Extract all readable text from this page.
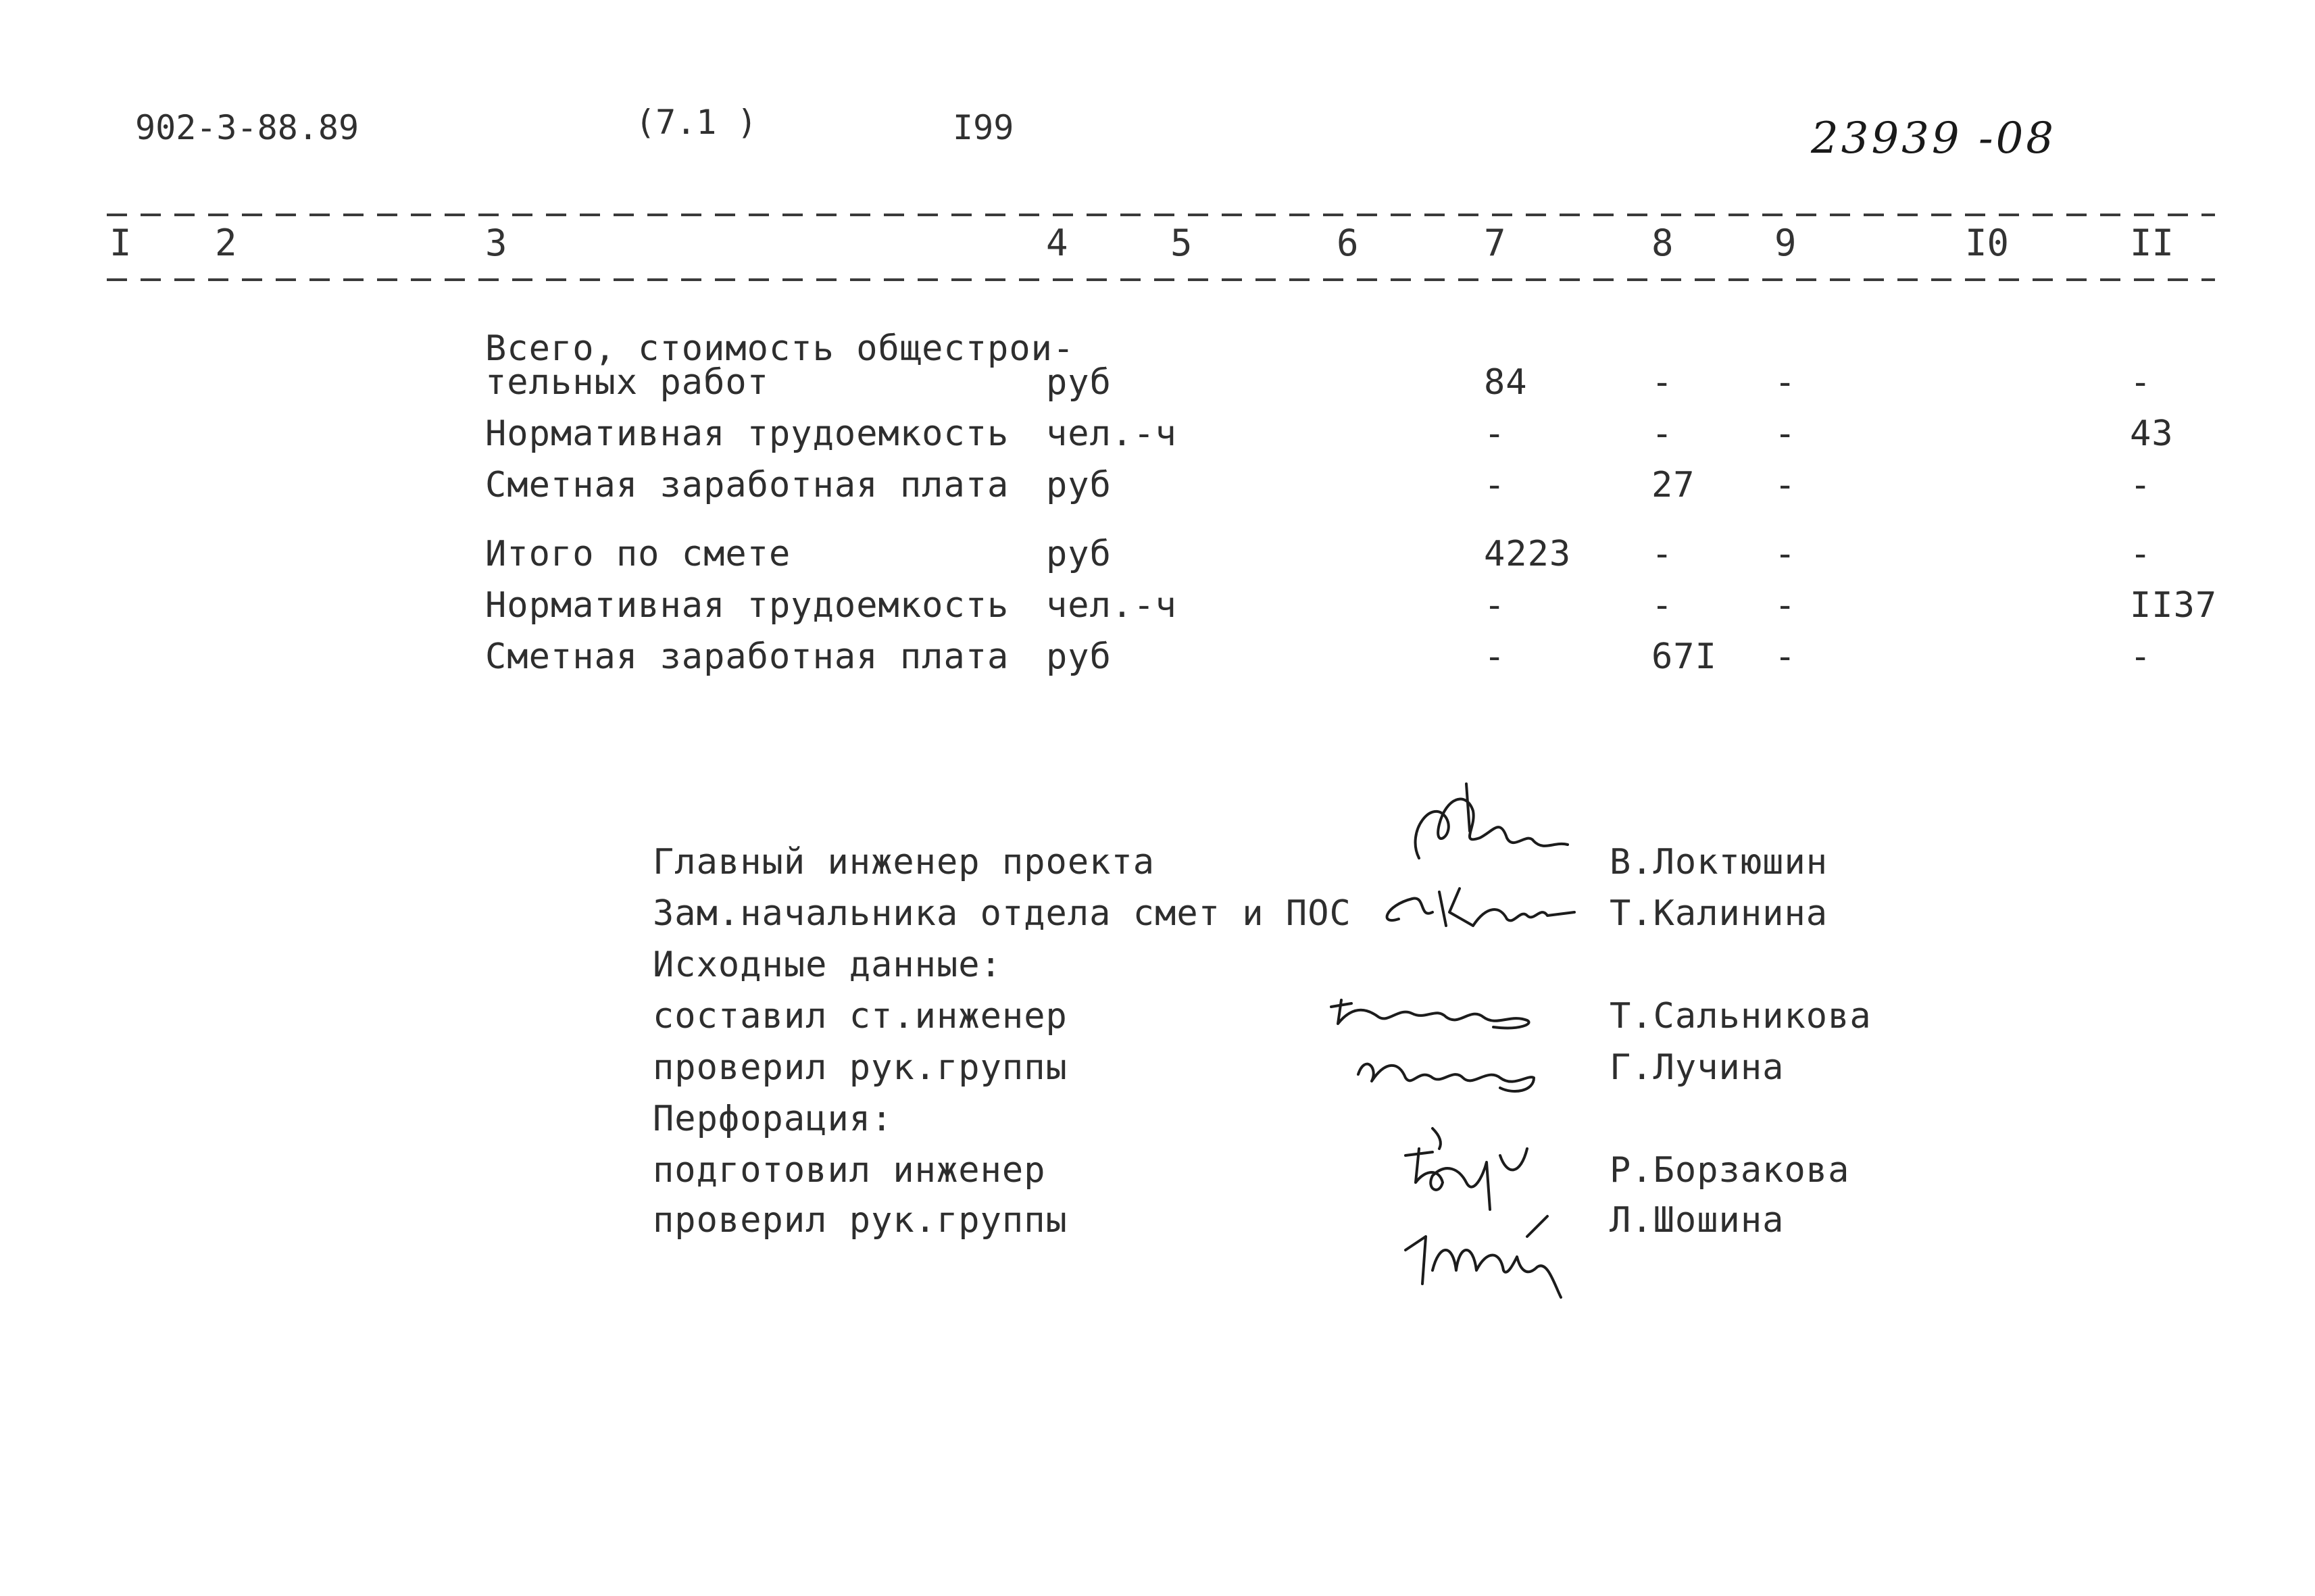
902-3-88.89	(7.1 )	I99	23939 -08
I 2	3	4	5	6	7	8	9	I0	II
Всего, стоимость общестрои-
тельных работ	руб	84	-	-	-
Нормативная трудоемкость чел.-ч	-	-	-	43
Сметная заработная плата руб	-	27 -	-
Итого по смете	руб	4223 -	-	-
Нормативная трудоемкость чел.-ч	-	-	-	II37
Сметная заработная плата руб	-	67I -	-
Главный инженер проекта	В.Локтюшин
Зам.начальника отдела смет и ПОС	Т.Калинина
Исходные данные:
составил ст.инженер	Т.Сальникова
проверил рук.группы	Г.Лучина
Перфорация:
подготовил инженер	Р.Борзакова
проверил рук.группы	Л.Шошина
